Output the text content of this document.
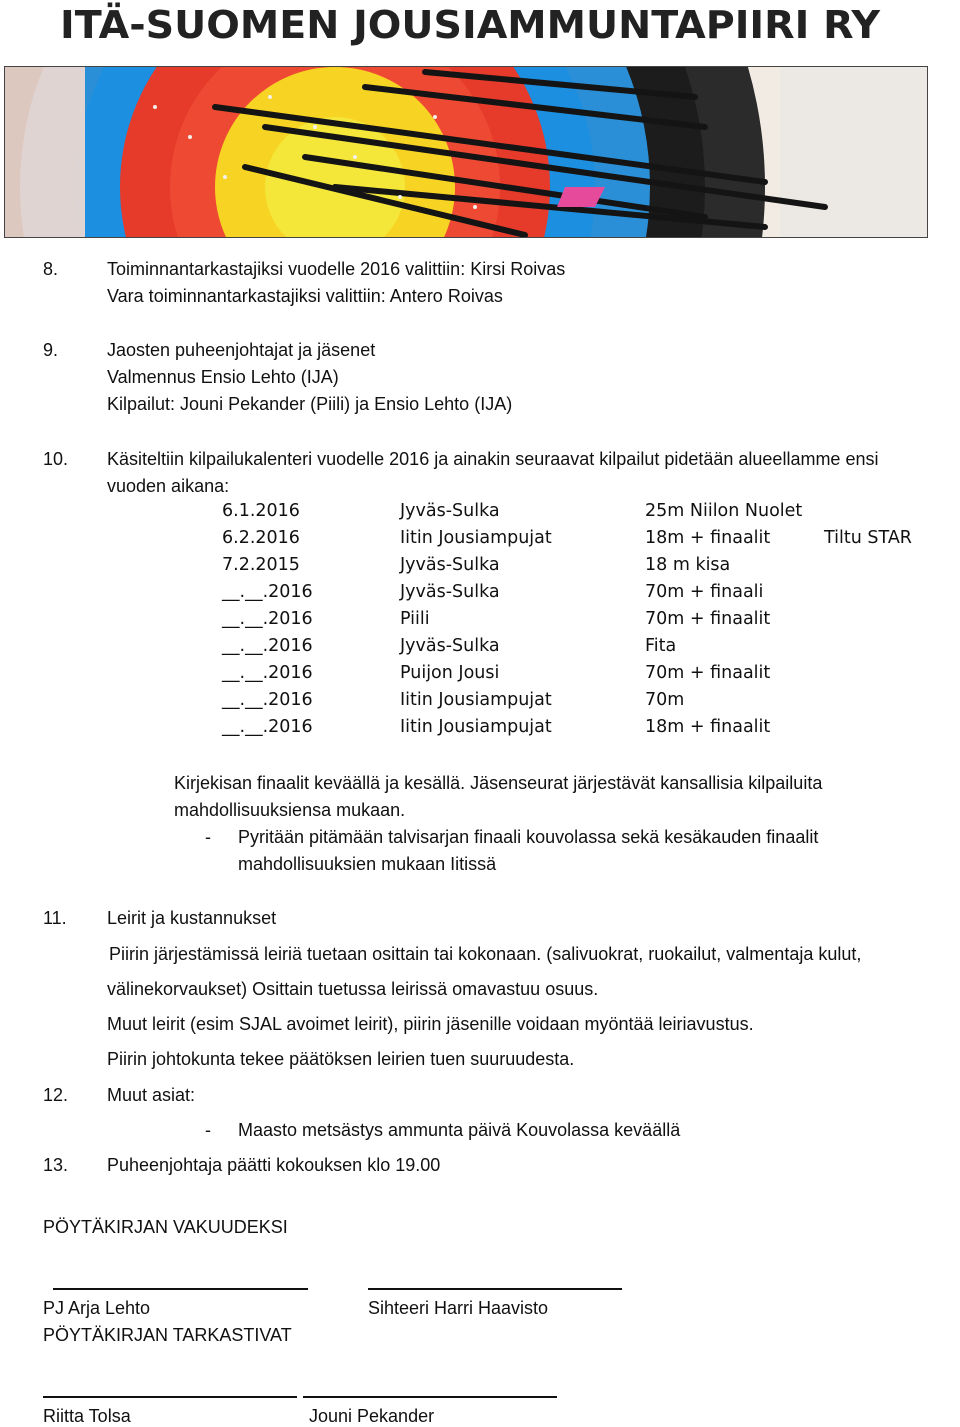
ITÄ-SUOMEN JOUSIAMMUNTAPIIRI RY
8.	Toiminnantarkastajiksi vuodelle 2016 valittiin: Kirsi Roivas
Vara toiminnantarkastajiksi valittiin: Antero Roivas
9.	Jaosten puheenjohtajat ja jäsenet
Valmennus Ensio Lehto (IJA)
Kilpailut: Jouni Pekander (Piili) ja Ensio Lehto (IJA)
10. Käsiteltiin kilpailukalenteri vuodelle 2016 ja ainakin seuraavat kilpailut pidetään alueellamme ensi
vuoden aikana:
6.1.2016	Jyväs-Sulka	25m Niilon Nuolet
6.2.2016	Iitin Jousiampujat	18m + finaalit	Tiltu STAR
7.2.2015	Jyväs-Sulka	18 m kisa
__.__.2016	Jyväs-Sulka	70m + finaali
__.__.2016	Piili	70m + finaalit
__.__.2016	Jyväs-Sulka	Fita
__.__.2016	Puijon Jousi	70m + finaalit
__.__.2016	Iitin Jousiampujat	70m
__.__.2016	Iitin Jousiampujat	18m + finaalit
Kirjekisan finaalit keväällä ja kesällä. Jäsenseurat järjestävät kansallisia kilpailuita
mahdollisuuksiensa mukaan.
- Pyritään pitämään talvisarjan finaali kouvolassa sekä kesäkauden finaalit
mahdollisuuksien mukaan Iitissä
11. Leirit ja kustannukset
Piirin järjestämissä leiriä tuetaan osittain tai kokonaan. (salivuokrat, ruokailut, valmentaja kulut,
välinekorvaukset) Osittain tuetussa leirissä omavastuu osuus.
Muut leirit (esim SJAL avoimet leirit), piirin jäsenille voidaan myöntää leiriavustus.
Piirin johtokunta tekee päätöksen leirien tuen suuruudesta.
12. Muut asiat:
- Maasto metsästys ammunta päivä Kouvolassa keväällä
13. Puheenjohtaja päätti kokouksen klo 19.00
PÖYTÄKIRJAN VAKUUDEKSI
PJ Arja Lehto	Sihteeri Harri Haavisto
PÖYTÄKIRJAN TARKASTIVAT
Riitta Tolsa	Jouni Pekander
